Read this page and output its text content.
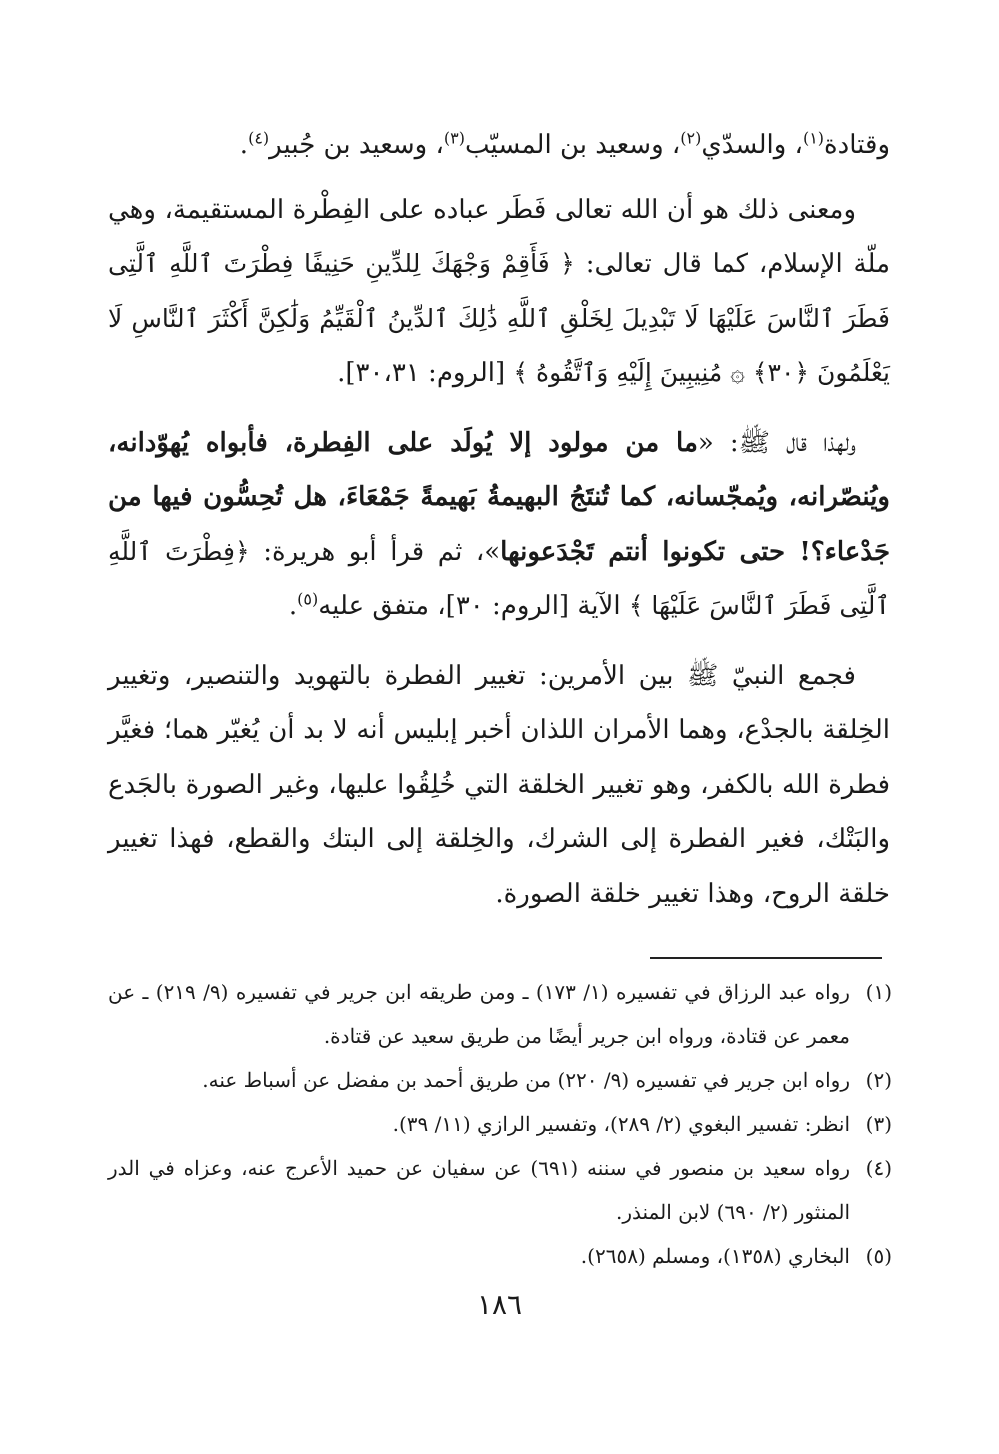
وقتادة$^{(١)}$، والسدّي$^{(٢)}$، وسعيد بن المسيّب$^{(٣)}$، وسعيد بن جُبير$^{(٤)}$.

ومعنى ذلك هو أن الله تعالى فَطَر عباده على الفِطْرة المستقيمة، وهي ملّة الإسلام، كما قال تعالى: ﴿ فَأَقِمْ وَجْهَكَ لِلدِّينِ حَنِيفًا فِطْرَتَ ٱللَّهِ ٱلَّتِى فَطَرَ ٱلنَّاسَ عَلَيْهَا لَا تَبْدِيلَ لِخَلْقِ ٱللَّهِ ذَٰلِكَ ٱلدِّينُ ٱلْقَيِّمُ وَلَٰكِنَّ أَكْثَرَ ٱلنَّاسِ لَا يَعْلَمُونَ ﴿٣٠﴾ ۞ مُنِيبِينَ إِلَيْهِ وَٱتَّقُوهُ ﴾ [الروم: ٣٠،٣١].

ولهذا قال ﷺ: «ما من مولود إلا يُولَد على الفِطرة، فأبواه يُهوّدانه، ويُنصّرانه، ويُمجّسانه، كما تُنتَجُ البهيمةُ بَهيمةً جَمْعَاءَ، هل تُحِسُّون فيها من جَدْعاء؟! حتى تكونوا أنتم تَجْدَعونها»، ثم قرأ أبو هريرة: ﴿فِطْرَتَ ٱللَّهِ ٱلَّتِى فَطَرَ ٱلنَّاسَ عَلَيْهَا ﴾ الآية [الروم: ٣٠]، متفق عليه$^{(٥)}$.

فجمع النبيّ ﷺ بين الأمرين: تغيير الفطرة بالتهويد والتنصير، وتغيير الخِلقة بالجدْع، وهما الأمران اللذان أخبر إبليس أنه لا بد أن يُغيّر هما؛ فغيَّر فطرة الله بالكفر، وهو تغيير الخلقة التي خُلِقُوا عليها، وغير الصورة بالجَدع والبَتْك، فغير الفطرة إلى الشرك، والخِلقة إلى البتك والقطع، فهذا تغيير خلقة الروح، وهذا تغيير خلقة الصورة.

(١)
رواه عبد الرزاق في تفسيره (١/ ١٧٣) ـ ومن طريقه ابن جرير في تفسيره (٩/ ٢١٩) ـ عن معمر عن قتادة، ورواه ابن جرير أيضًا من طريق سعيد عن قتادة.
(٢)
رواه ابن جرير في تفسيره (٩/ ٢٢٠) من طريق أحمد بن مفضل عن أسباط عنه.
(٣)
انظر: تفسير البغوي (٢/ ٢٨٩)، وتفسير الرازي (١١/ ٣٩).
(٤)
رواه سعيد بن منصور في سننه (٦٩١) عن سفيان عن حميد الأعرج عنه، وعزاه في الدر المنثور (٢/ ٦٩٠) لابن المنذر.
(٥)
البخاري (١٣٥٨)، ومسلم (٢٦٥٨).
١٨٦
